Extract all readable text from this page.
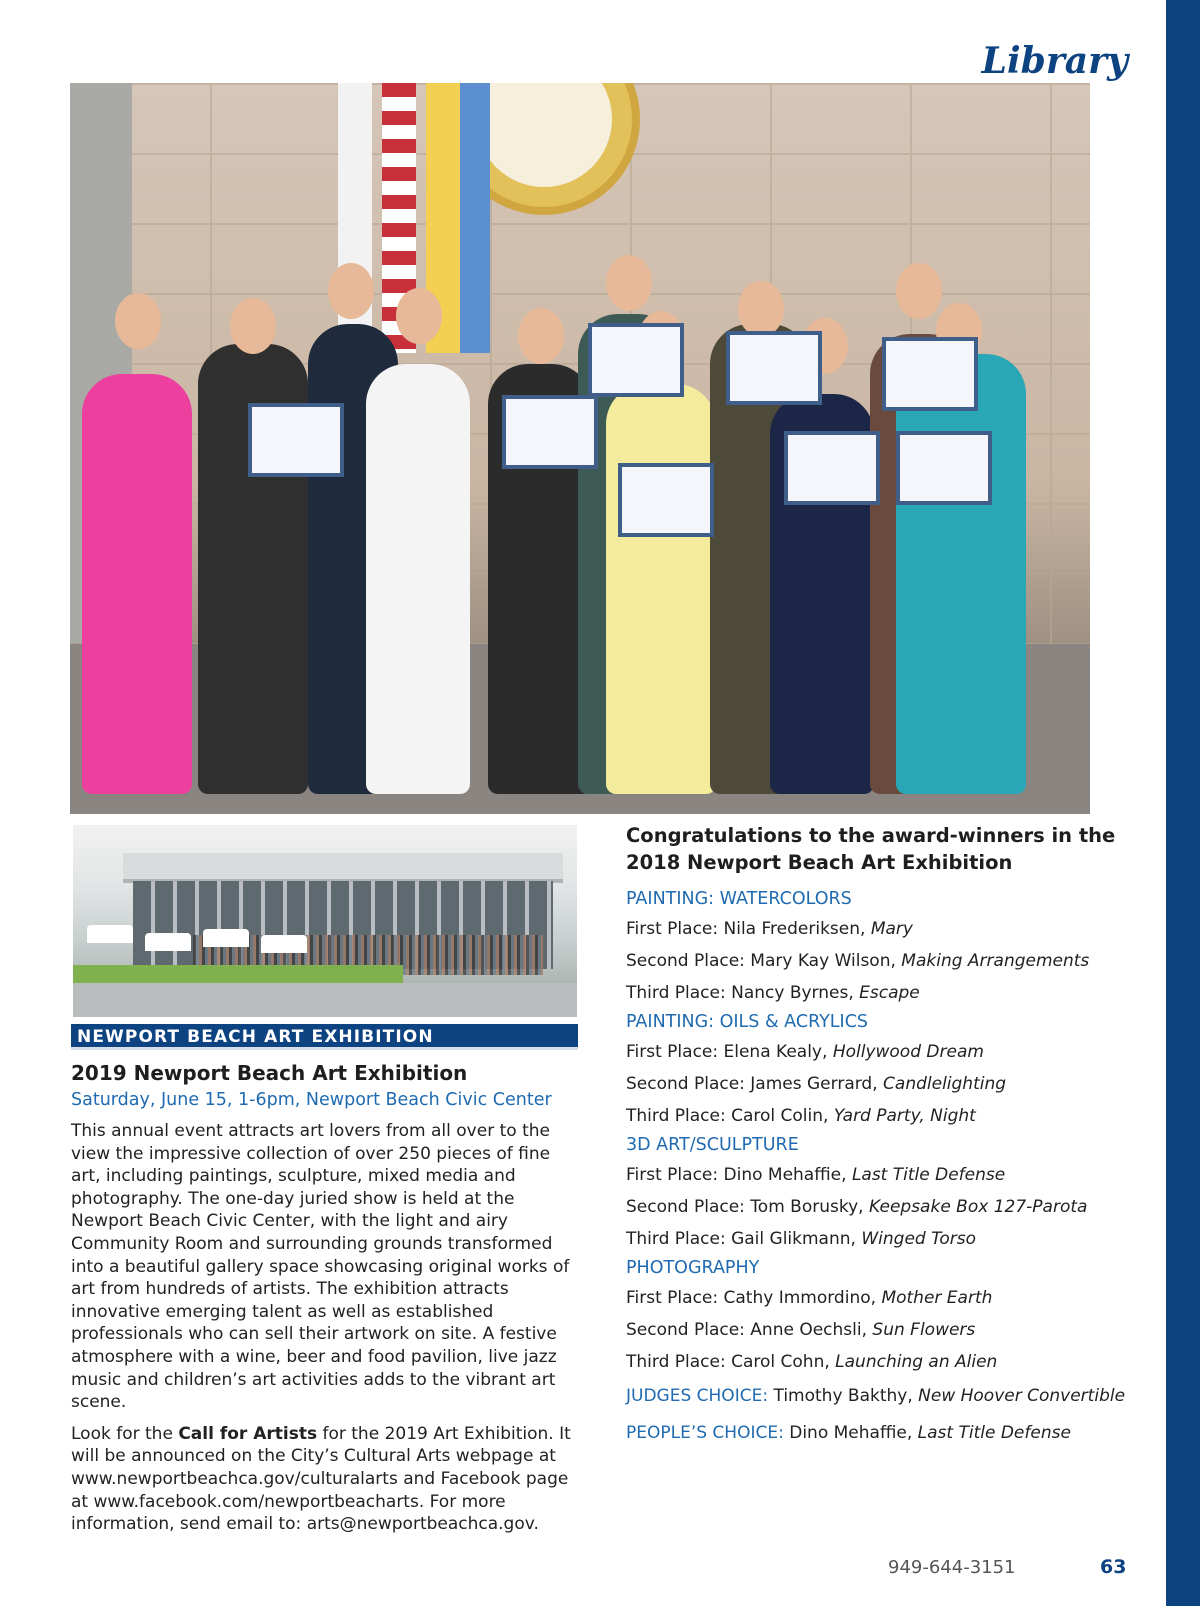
Library
NEWPORT BEACH ART EXHIBITION
2019 Newport Beach Art Exhibition
Saturday, June 15, 1-6pm, Newport Beach Civic Center

This annual event attracts art lovers from all over to the view the impressive collection of over 250 pieces of fine art, including paintings, sculpture, mixed media and photography. The one-day juried show is held at the Newport Beach Civic Center, with the light and airy Community Room and surrounding grounds transformed into a beautiful gallery space showcasing original works of art from hundreds of artists. The exhibition attracts innovative emerging talent as well as established professionals who can sell their artwork on site. A festive atmosphere with a wine, beer and food pavilion, live jazz music and children’s art activities adds to the vibrant art scene.

Look for the Call for Artists for the 2019 Art Exhibition. It will be announced on the City’s Cultural Arts webpage at www.newportbeachca.gov/culturalarts and Facebook page at www.facebook.com/newportbeacharts. For more information, send email to: arts@newportbeachca.gov.

Congratulations to the award-winners in the 2018 Newport Beach Art Exhibition
PAINTING: WATERCOLORS
First Place: Nila Frederiksen, Mary
Second Place: Mary Kay Wilson, Making Arrangements
Third Place: Nancy Byrnes, Escape
PAINTING: OILS & ACRYLICS
First Place: Elena Kealy, Hollywood Dream
Second Place: James Gerrard, Candlelighting
Third Place: Carol Colin, Yard Party, Night
3D ART/SCULPTURE
First Place: Dino Mehaffie, Last Title Defense
Second Place: Tom Borusky, Keepsake Box 127-Parota
Third Place: Gail Glikmann, Winged Torso
PHOTOGRAPHY
First Place: Cathy Immordino, Mother Earth
Second Place: Anne Oechsli, Sun Flowers
Third Place: Carol Cohn, Launching an Alien
JUDGES CHOICE: Timothy Bakthy, New Hoover Convertible
PEOPLE’S CHOICE: Dino Mehaffie, Last Title Defense
949-644-3151	63
